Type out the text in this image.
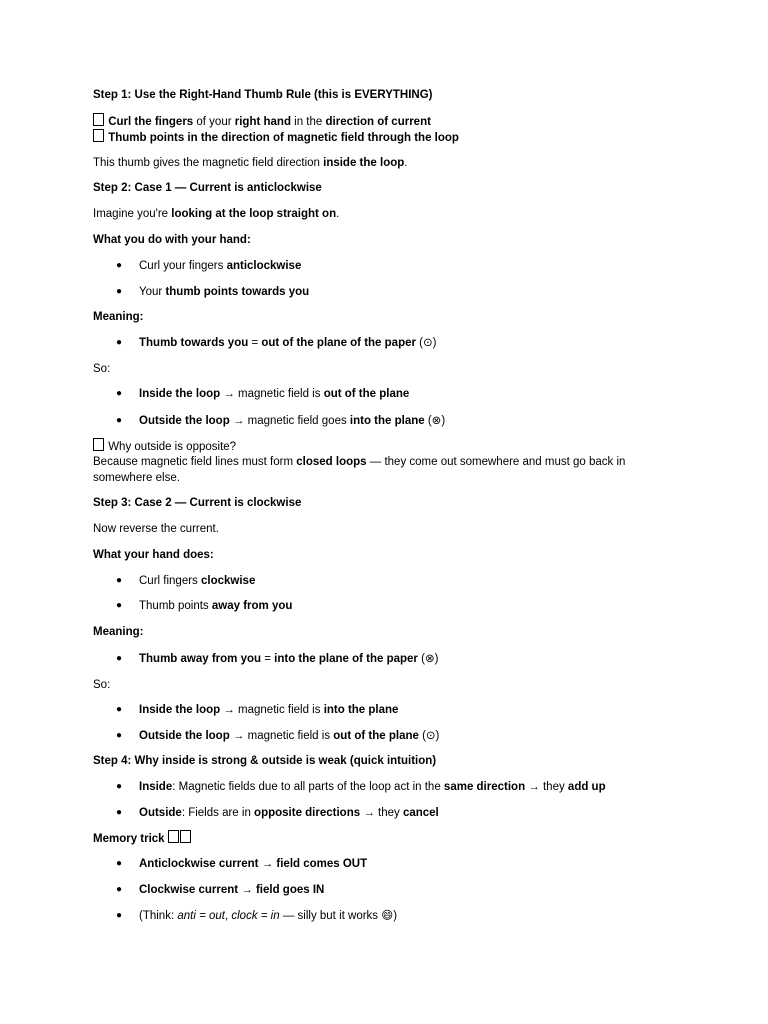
Step 1: Use the Right-Hand Thumb Rule (this is EVERYTHING)

Curl the fingers of your right hand in the direction of current

Thumb points in the direction of magnetic field through the loop

This thumb gives the magnetic field direction inside the loop.

Step 2: Case 1 — Current is anticlockwise

Imagine you're looking at the loop straight on.

What you do with your hand:

● Curl your fingers anticlockwise

● Your thumb points towards you

Meaning:

● Thumb towards you = out of the plane of the paper (⊙)

So:

● Inside the loop → magnetic field is out of the plane

● Outside the loop → magnetic field goes into the plane (⊗)

Why outside is opposite?

Because magnetic field lines must form closed loops — they come out somewhere and must go back in

somewhere else.

Step 3: Case 2 — Current is clockwise

Now reverse the current.

What your hand does:

● Curl fingers clockwise

● Thumb points away from you

Meaning:

● Thumb away from you = into the plane of the paper (⊗)

So:

● Inside the loop → magnetic field is into the plane

● Outside the loop → magnetic field is out of the plane (⊙)

Step 4: Why inside is strong & outside is weak (quick intuition)

● Inside: Magnetic fields due to all parts of the loop act in the same direction → they add up

● Outside: Fields are in opposite directions → they cancel

Memory trick

● Anticlockwise current → field comes OUT

● Clockwise current → field goes IN

● (Think: anti = out, clock = in — silly but it works 😄)
